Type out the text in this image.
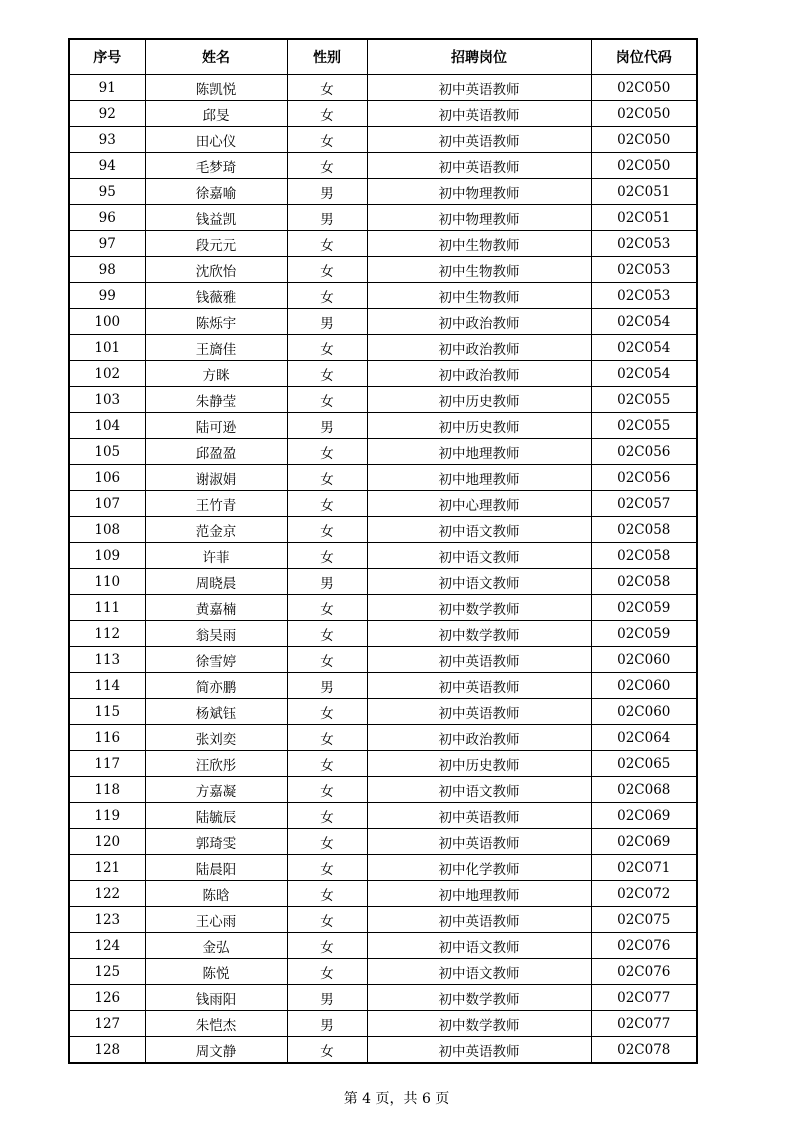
序号	姓名	性别	招聘岗位	岗位代码
91	陈凯悦	女	初中英语教师	02C050
92	邱旻	女	初中英语教师	02C050
93	田心仪	女	初中英语教师	02C050
94	毛梦琦	女	初中英语教师	02C050
95	徐嘉喻	男	初中物理教师	02C051
96	钱益凯	男	初中物理教师	02C051
97	段元元	女	初中生物教师	02C053
98	沈欣怡	女	初中生物教师	02C053
99	钱薇雅	女	初中生物教师	02C053
100	陈烁宇	男	初中政治教师	02C054
101	王旖佳	女	初中政治教师	02C054
102	方眯	女	初中政治教师	02C054
103	朱静莹	女	初中历史教师	02C055
104	陆可逊	男	初中历史教师	02C055
105	邱盈盈	女	初中地理教师	02C056
106	谢淑娟	女	初中地理教师	02C056
107	王竹青	女	初中心理教师	02C057
108	范金京	女	初中语文教师	02C058
109	许菲	女	初中语文教师	02C058
110	周晓晨	男	初中语文教师	02C058
111	黄嘉楠	女	初中数学教师	02C059
112	翁吴雨	女	初中数学教师	02C059
113	徐雪婷	女	初中英语教师	02C060
114	简亦鹏	男	初中英语教师	02C060
115	杨斌钰	女	初中英语教师	02C060
116	张刘奕	女	初中政治教师	02C064
117	汪欣彤	女	初中历史教师	02C065
118	方嘉凝	女	初中语文教师	02C068
119	陆毓辰	女	初中英语教师	02C069
120	郭琦雯	女	初中英语教师	02C069
121	陆晨阳	女	初中化学教师	02C071
122	陈晗	女	初中地理教师	02C072
123	王心雨	女	初中英语教师	02C075
124	金弘	女	初中语文教师	02C076
125	陈悦	女	初中语文教师	02C076
126	钱雨阳	男	初中数学教师	02C077
127	朱恺杰	男	初中数学教师	02C077
128	周文静	女	初中英语教师	02C078
第 4 页，共 6 页
